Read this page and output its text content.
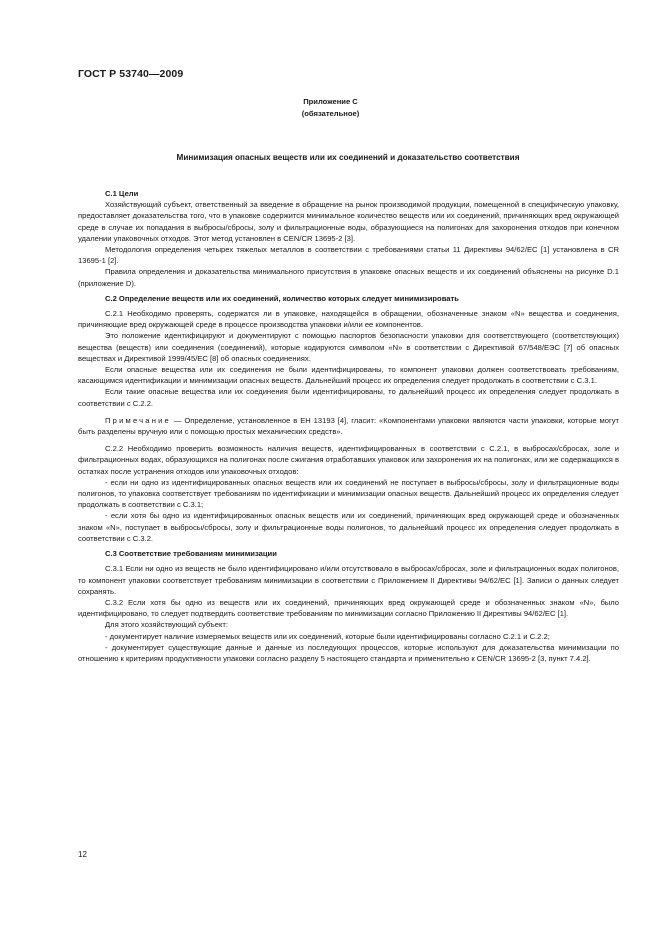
ГОСТ Р 53740—2009
Приложение С
(обязательное)
Минимизация опасных веществ или их соединений и доказательство соответствия
С.1 Цели

Хозяйствующий субъект, ответственный за введение в обращение на рынок производимой продукции, помещенной в специфическую упаковку, предоставляет доказательства того, что в упаковке содержится минимальное количество веществ или их соединений, причиняющих вред окружающей среде в случае их попадания в выбросы/сбросы, золу и фильтрационные воды, образующиеся на полигонах для захоронения отходов при конечном удалении упаковочных отходов. Этот метод установлен в CEN/CR 13695-2 [3].

Методология определения четырех тяжелых металлов в соответствии с требованиями статьи 11 Директивы 94/62/ЕС [1] установлена в CR 13695-1 [2].

Правила определения и доказательства минимального присутствия в упаковке опасных веществ и их соединений объяснены на рисунке D.1 (приложение D).

С.2 Определение веществ или их соединений, количество которых следует минимизировать

С.2.1 Необходимо проверять, содержатся ли в упаковке, находящейся в обращении, обозначенные знаком «N» вещества и соединения, причиняющие вред окружающей среде в процессе производства упаковки и/или ее компонентов.

Это положение идентифицируют и документируют с помощью паспортов безопасности упаковки для соответствующего (соответствующих) вещества (веществ) или соединения (соединений), которые кодируются символом «N» в соответствии с Директивой 67/548/ЕЭС [7] об опасных веществах и Директивой 1999/45/ЕС [8] об опасных соединениях.

Если опасные вещества или их соединения не были идентифицированы, то компонент упаковки должен соответствовать требованиям, касающимся идентификации и минимизации опасных веществ. Дальнейший процесс их определения следует продолжать в соответствии с С.3.1.

Если такие опасные вещества или их соединения были идентифицированы, то дальнейший процесс их определения следует продолжать в соответствии с С.2.2.

Примечание — Определение, установленное в ЕН 13193 [4], гласит: «Компонентами упаковки являются части упаковки, которые могут быть разделены вручную или с помощью простых механических средств».

С.2.2 Необходимо проверить возможность наличия веществ, идентифицированных в соответствии с С.2.1, в выбросах/сбросах, золе и фильтрационных водах, образующихся на полигонах после сжигания отработавших упаковок или захоронения их на полигонах, или же содержащихся в остатках после устранения отходов или упаковочных отходов:

- если ни одно из идентифицированных опасных веществ или их соединений не поступает в выбросы/сбросы, золу и фильтрационные воды полигонов, то упаковка соответствует требованиям по идентификации и минимизации опасных веществ. Дальнейший процесс их определения следует продолжать в соответствии с С.3.1;

- если хотя бы одно из идентифицированных опасных веществ или их соединений, причиняющих вред окружающей среде и обозначенных знаком «N», поступает в выбросы/сбросы, золу и фильтрационные воды полигонов, то дальнейший процесс их определения следует продолжать в соответствии с С.3.2.

С.3 Соответствие требованиям минимизации

С.3.1 Если ни одно из веществ не было идентифицировано и/или отсутствовало в выбросах/сбросах, золе и фильтрационных водах полигонов, то компонент упаковки соответствует требованиям минимизации в соответствии с Приложением II Директивы 94/62/ЕС [1]. Записи о данных следует сохранять.

С.3.2 Если хотя бы одно из веществ или их соединений, причиняющих вред окружающей среде и обозначенных знаком «N», было идентифицировано, то следует подтвердить соответствие требованиям по минимизации согласно Приложению II Директивы 94/62/ЕС [1].

Для этого хозяйствующий субъект:

- документирует наличие измеряемых веществ или их соединений, которые были идентифицированы согласно С.2.1 и С.2.2;

- документирует существующие данные и данные из последующих процессов, которые используют для доказательства минимизации по отношению к критериям продуктивности упаковки согласно разделу 5 настоящего стандарта и применительно к CEN/CR 13695-2 [3, пункт 7.4.2].

12
